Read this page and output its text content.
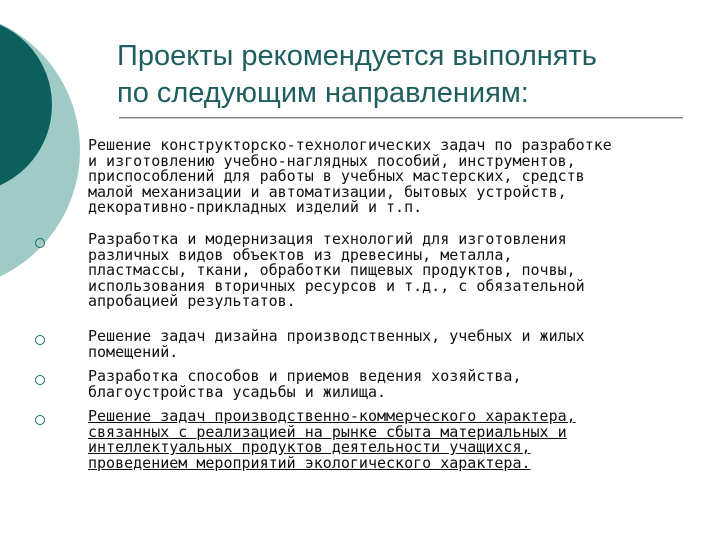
Проекты рекомендуется выполнять
по следующим направлениям:
Решение конструкторско-технологических задач по разработке
и изготовлению учебно-наглядных пособий, инструментов,
приспособлений для работы в учебных мастерских, средств
малой механизации и автоматизации, бытовых устройств,
декоративно-прикладных изделий и т.п.
Разработка и модернизация технологий для изготовления
различных видов объектов из древесины, металла,
пластмассы, ткани, обработки пищевых продуктов, почвы,
использования вторичных ресурсов и т.д., с обязательной
апробацией результатов.
Решение задач дизайна производственных, учебных и жилых
помещений.
Разработка способов и приемов ведения хозяйства,
благоустройства усадьбы и жилища.
Решение задач производственно-коммерческого характера,
связанных с реализацией на рынке сбыта материальных и
интеллектуальных продуктов деятельности учащихся,
проведением мероприятий экологического характера.
